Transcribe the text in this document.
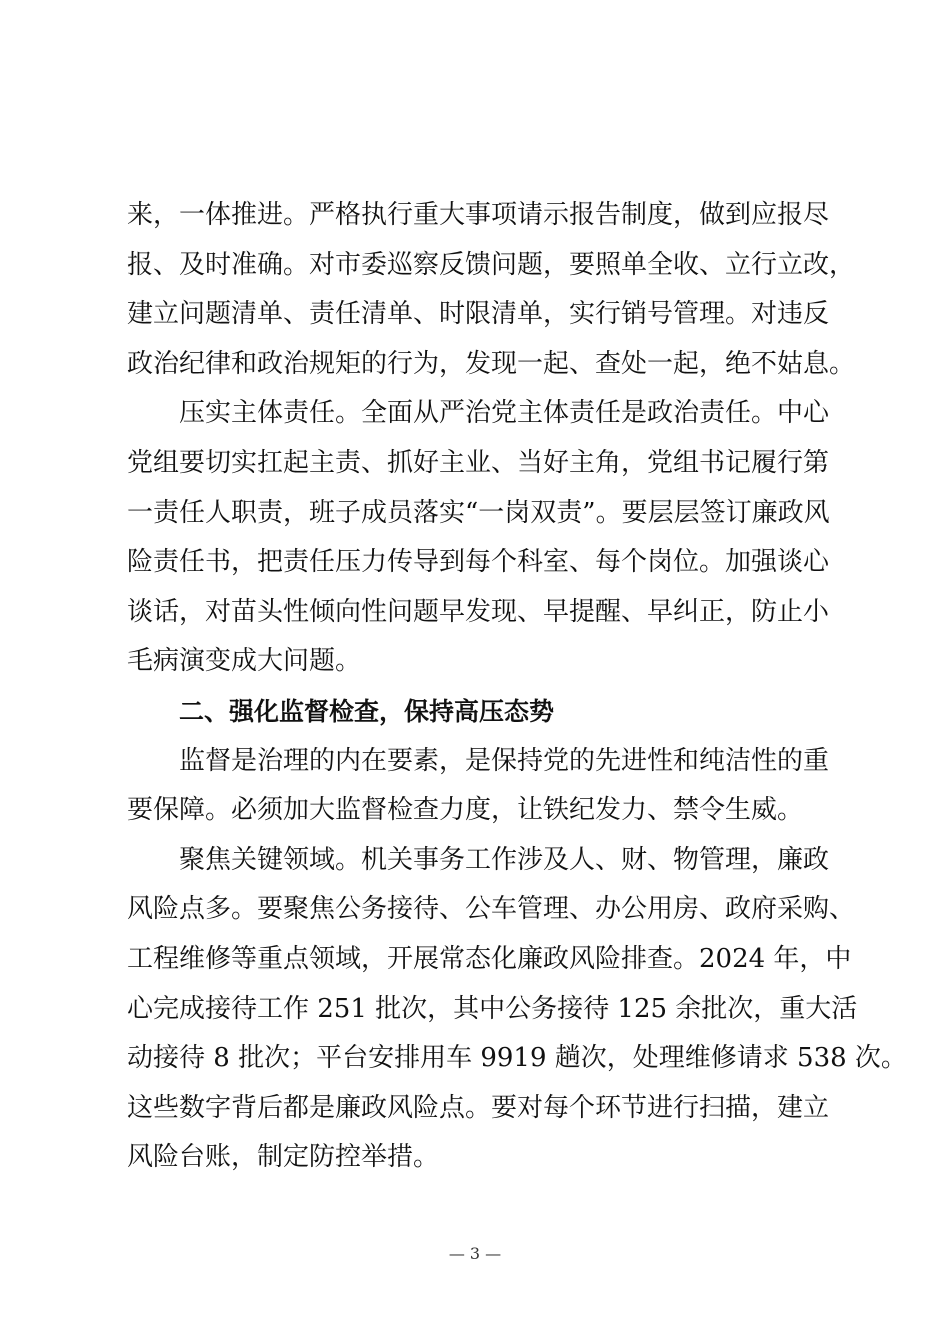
来，一体推进。严格执行重大事项请示报告制度，做到应报尽
报、及时准确。对市委巡察反馈问题，要照单全收、立行立改，
建立问题清单、责任清单、时限清单，实行销号管理。对违反
政治纪律和政治规矩的行为，发现一起、查处一起，绝不姑息。
压实主体责任。全面从严治党主体责任是政治责任。中心
党组要切实扛起主责、抓好主业、当好主角，党组书记履行第
一责任人职责，班子成员落实“一岗双责”。要层层签订廉政风
险责任书，把责任压力传导到每个科室、每个岗位。加强谈心
谈话，对苗头性倾向性问题早发现、早提醒、早纠正，防止小
毛病演变成大问题。
二、强化监督检查，保持高压态势
监督是治理的内在要素，是保持党的先进性和纯洁性的重
要保障。必须加大监督检查力度，让铁纪发力、禁令生威。
聚焦关键领域。机关事务工作涉及人、财、物管理，廉政
风险点多。要聚焦公务接待、公车管理、办公用房、政府采购、
工程维修等重点领域，开展常态化廉政风险排查。2024 年，中
心完成接待工作 251 批次，其中公务接待 125 余批次，重大活
动接待 8 批次；平台安排用车 9919 趟次，处理维修请求 538 次。
这些数字背后都是廉政风险点。要对每个环节进行扫描，建立
风险台账，制定防控举措。
— 3 —
